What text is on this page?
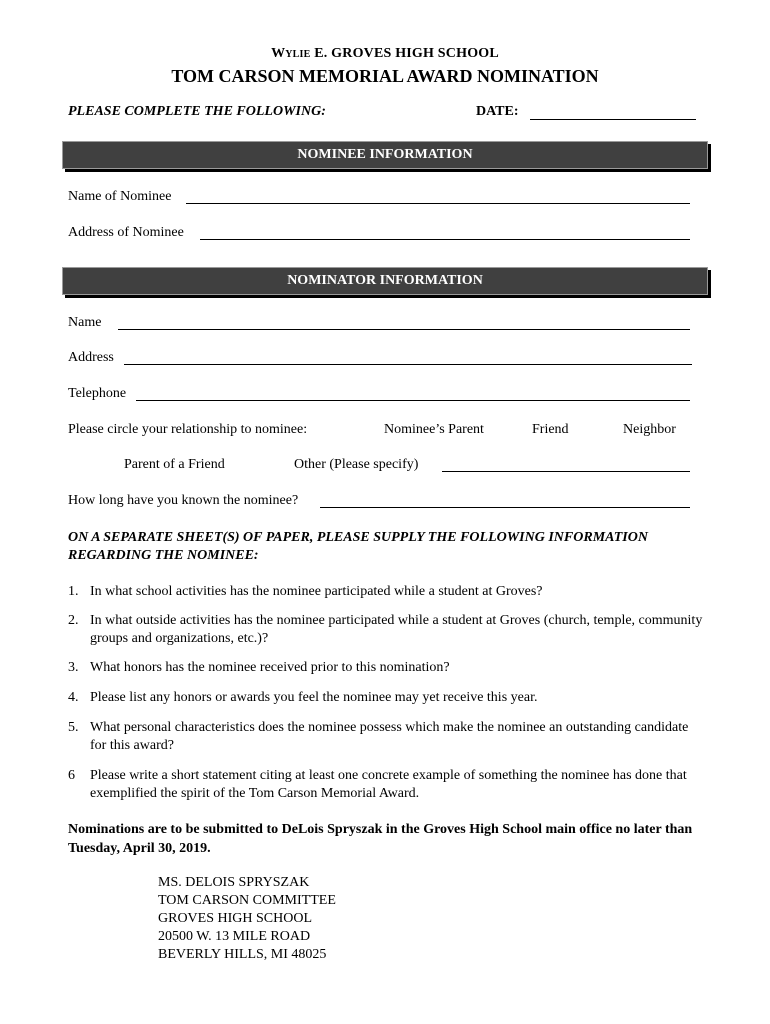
WYLIE E. GROVES HIGH SCHOOL
TOM CARSON MEMORIAL AWARD NOMINATION
PLEASE COMPLETE THE FOLLOWING:	DATE:
NOMINEE INFORMATION
Name of Nominee
Address of Nominee
NOMINATOR INFORMATION
Name
Address
Telephone
Please circle your relationship to nominee:	Nominee’s Parent	Friend	Neighbor
Parent of a Friend	Other (Please specify)
How long have you known the nominee?
ON A SEPARATE SHEET(S) OF PAPER, PLEASE SUPPLY THE FOLLOWING INFORMATION REGARDING THE NOMINEE:
1. In what school activities has the nominee participated while a student at Groves?
2. In what outside activities has the nominee participated while a student at Groves (church, temple, community groups and organizations, etc.)?
3. What honors has the nominee received prior to this nomination?
4. Please list any honors or awards you feel the nominee may yet receive this year.
5. What personal characteristics does the nominee possess which make the nominee an outstanding candidate for this award?
6 Please write a short statement citing at least one concrete example of something the nominee has done that exemplified the spirit of the Tom Carson Memorial Award.
Nominations are to be submitted to DeLois Spryszak in the Groves High School main office no later than Tuesday, April 30, 2019.
MS. DELOIS SPRYSZAK
TOM CARSON COMMITTEE
GROVES HIGH SCHOOL
20500 W. 13 MILE ROAD
BEVERLY HILLS, MI 48025
